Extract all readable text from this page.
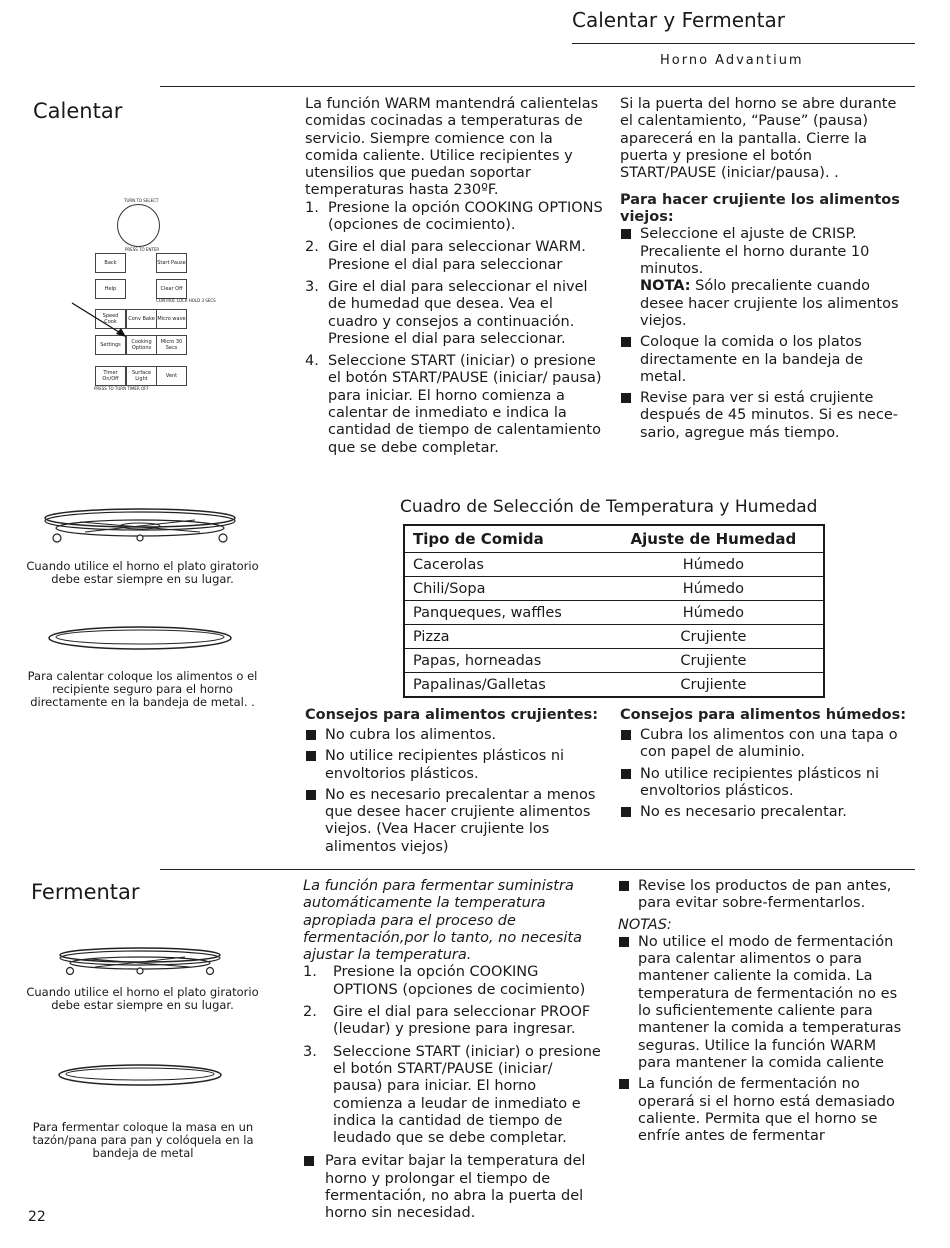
Calentar y Fermentar
Horno Advantium
Calentar
TURN TO SELECT
PRESS TO ENTER
Back	Start Pause
Help	Clear Off
CONTROL LOCK HOLD 3 SECS
Speed Cook	Conv Bake Micro wave
Settings	Cooking Options
Micro 30 Secs
Timer On/Off
Surface Light	Vent
PRESS TO TURN TIMER OFF

La función WARM mantendrá calientelas comidas cocinadas a temperaturas de servicio. Siempre comience con la comida caliente. Utilice recipientes y utensilios que puedan soportar temperaturas hasta 230ºF.

1. Presione la opción COOKING OPTIONS (opciones de cocimiento).
2. Gire el dial para seleccionar WARM. Presione el dial para seleccionar
3. Gire el dial para seleccionar el nivel de humedad que desea. Vea el cuadro y consejos a continuación. Presione el dial para seleccionar.
4. Seleccione START (iniciar) o presione el botón START/PAUSE (iniciar/ pausa) para iniciar. El horno comienza a calentar de inmediato e indica la cantidad de tiempo de calentamiento que se debe completar.

Si la puerta del horno se abre durante el calentamiento, “Pause” (pausa) aparecerá en la pantalla. Cierre la puerta y presione el botón START/PAUSE (iniciar/pausa). .

Para hacer crujiente los alimentos viejos:

Seleccione el ajuste de CRISP. Precaliente el horno durante 10 minutos.
NOTA: Sólo precaliente cuando desee hacer crujiente los alimentos viejos.
Coloque la comida o los platos directamente en la bandeja de metal.
Revise para ver si está crujiente después de 45 minutos. Si es nece-sario, agregue más tiempo.
Cuando utilice el horno el plato giratorio debe estar siempre en su lugar.
Para calentar coloque los alimentos o el recipiente seguro para el horno directamente en la bandeja de metal. .
Cuadro de Selección de Temperatura y Humedad
Tipo de Comida	Ajuste de Humedad
Cacerolas	Húmedo
Chili/Sopa	Húmedo
Panqueques, waffles	Húmedo
Pizza	Crujiente
Papas, horneadas	Crujiente
Papalinas/Galletas	Crujiente

Consejos para alimentos crujientes:

No cubra los alimentos.
No utilice recipientes plásticos ni envoltorios plásticos.
No es necesario precalentar a menos que desee hacer crujiente alimentos viejos. (Vea Hacer crujiente los alimentos viejos)

Consejos para alimentos húmedos:

Cubra los alimentos con una tapa o con papel de aluminio.
No utilice recipientes plásticos ni envoltorios plásticos.
No es necesario precalentar.
Fermentar	La función para fermentar suministra automáticamente la temperatura apropiada para el proceso de fermentación,por lo tanto, no necesita ajustar la temperatura.

1. Presione la opción COOKING OPTIONS (opciones de cocimiento)
2. Gire el dial para seleccionar PROOF (leudar) y presione para ingresar.
3. Seleccione START (iniciar) o presione el botón START/PAUSE (iniciar/ pausa) para iniciar. El horno comienza a leudar de inmediato e indica la cantidad de tiempo de leudado que se debe completar.
Para evitar bajar la temperatura del horno y prolongar el tiempo de fermentación, no abra la puerta del horno sin necesidad.
Revise los productos de pan antes, para evitar sobre-fermentarlos.

NOTAS:

No utilice el modo de fermentación para calentar alimentos o para mantener caliente la comida. La temperatura de fermentación no es lo suficientemente caliente para mantener la comida a temperaturas seguras. Utilice la función WARM para mantener la comida caliente
La función de fermentación no operará si el horno está demasiado caliente. Permita que el horno se enfríe antes de fermentar
Cuando utilice el horno el plato giratorio debe estar siempre en su lugar.
Para fermentar coloque la masa en un tazón/pana para pan y colóquela en la bandeja de metal
22
